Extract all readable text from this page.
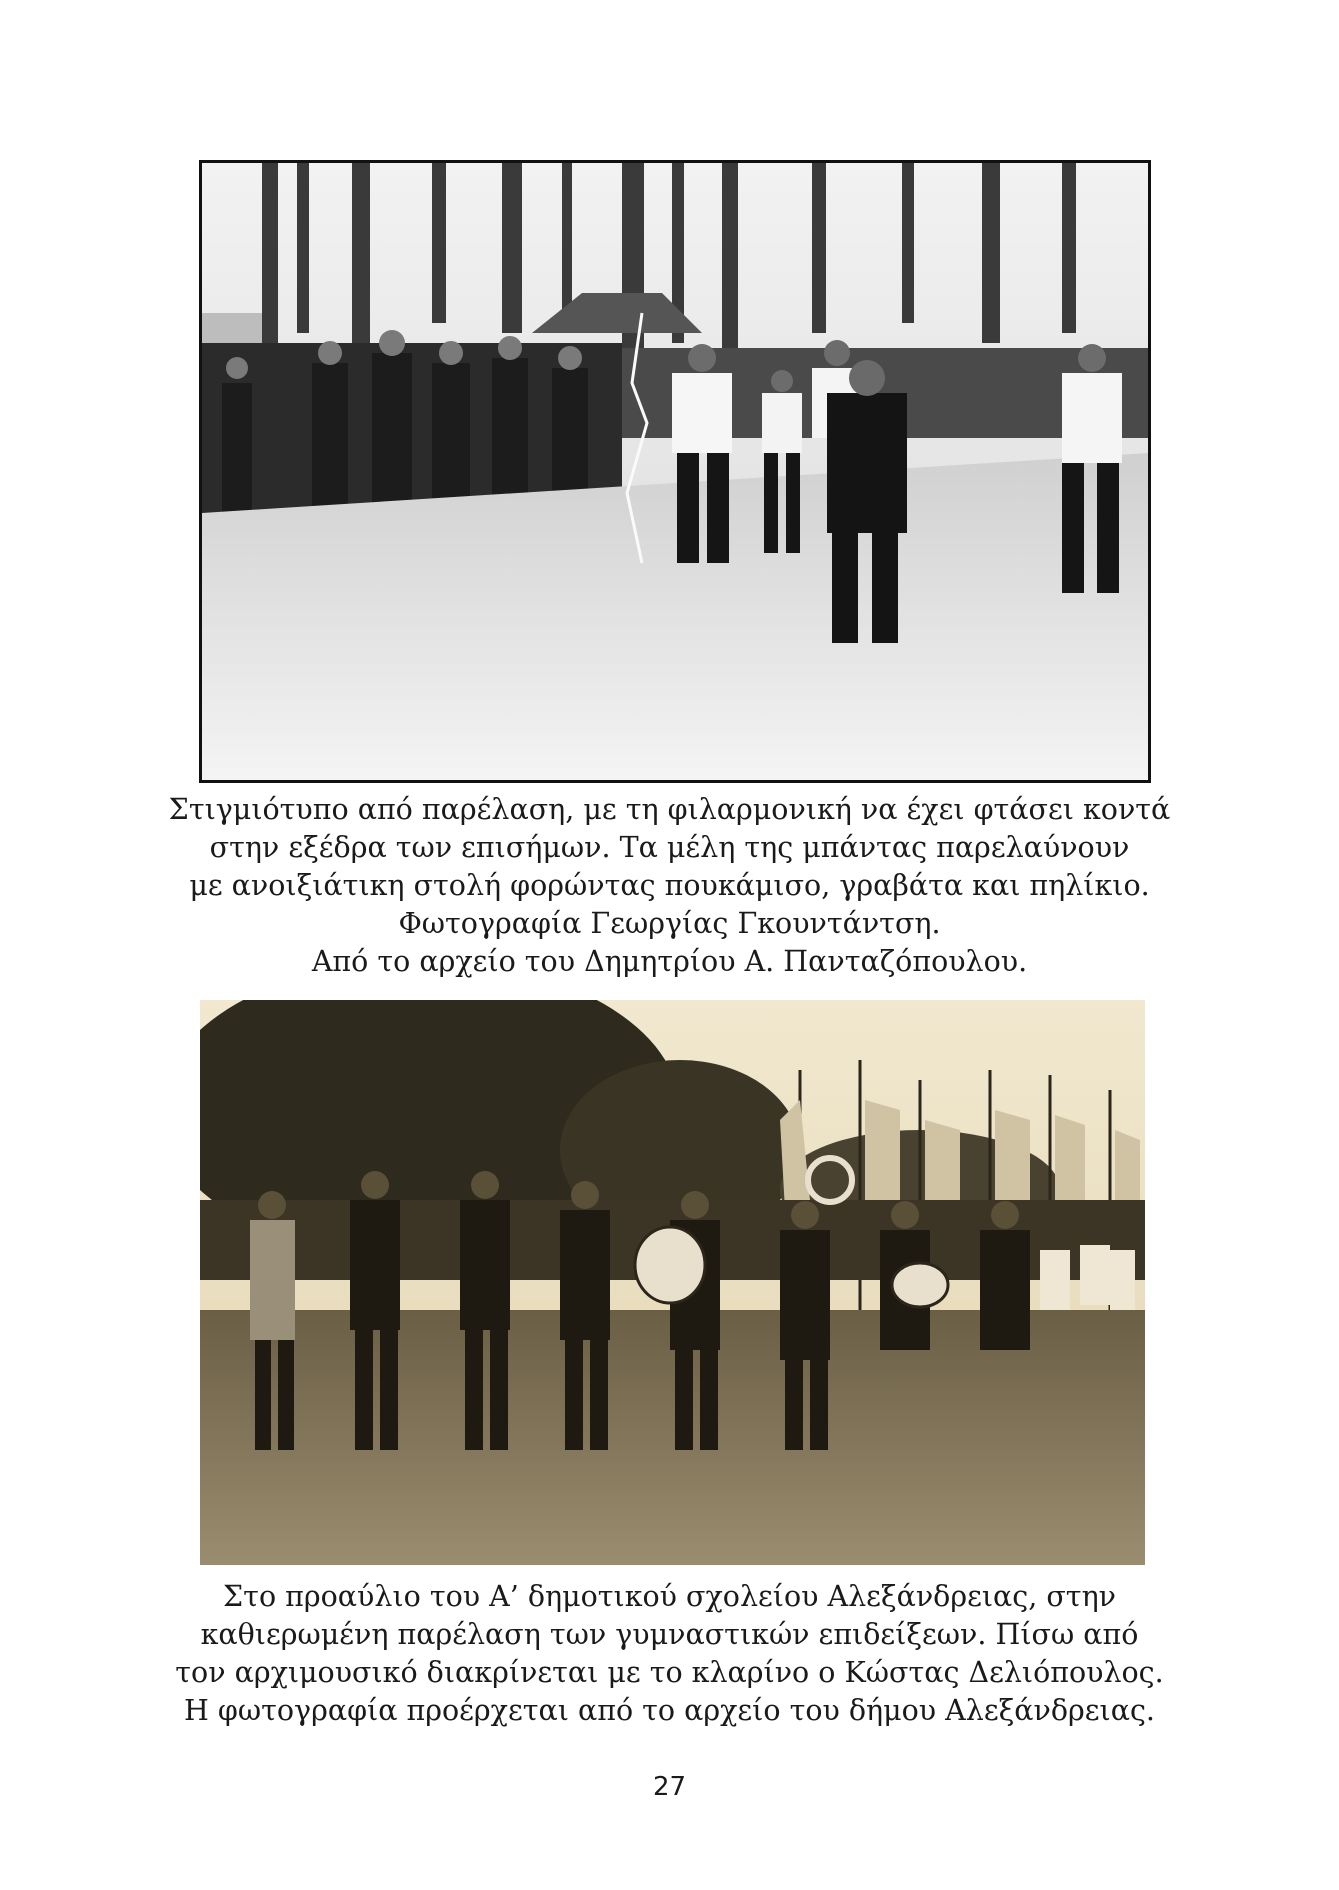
Στιγμιότυπο από παρέλαση, με τη φιλαρμονική να έχει φτάσει κοντά
στην εξέδρα των επισήμων. Τα μέλη της μπάντας παρελαύνουν
με ανοιξιάτικη στολή φορώντας πουκάμισο, γραβάτα και πηλίκιο.
Φωτογραφία Γεωργίας Γκουντάντση.
Από το αρχείο του Δημητρίου Α. Πανταζόπουλου.

Στο προαύλιο του Α’ δημοτικού σχολείου Αλεξάνδρειας, στην
καθιερωμένη παρέλαση των γυμναστικών επιδείξεων. Πίσω από
τον αρχιμουσικό διακρίνεται με το κλαρίνο ο Κώστας Δελιόπουλος.
Η φωτογραφία προέρχεται από το αρχείο του δήμου Αλεξάνδρειας.

27
